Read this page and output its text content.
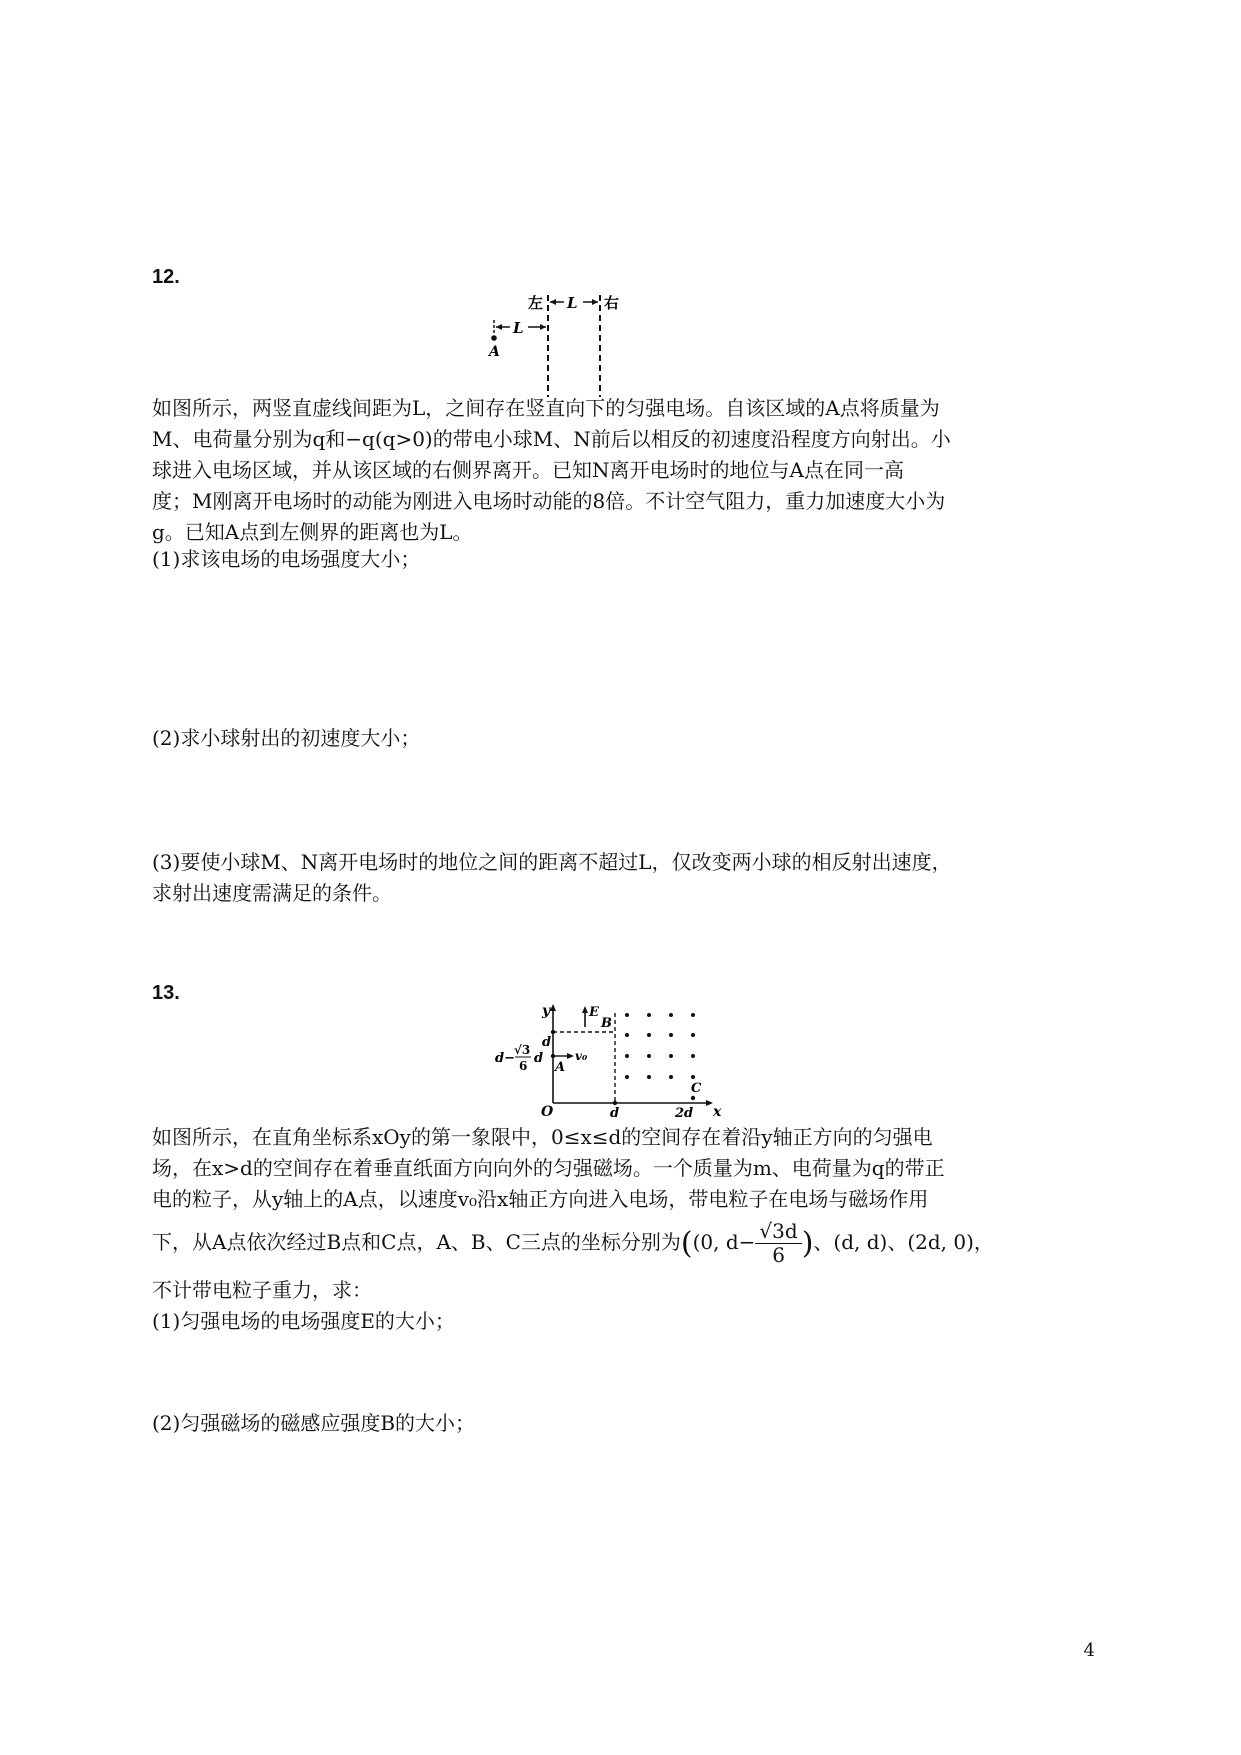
12.
左 L 右
L
A
如图所示，两竖直虚线间距为L，之间存在竖直向下的匀强电场。自该区域的A点将质量为
M、电荷量分别为q和−q(q>0)的带电小球M、N前后以相反的初速度沿程度方向射出。小
球进入电场区域，并从该区域的右侧界离开。已知N离开电场时的地位与A点在同一高
度；M刚离开电场时的动能为刚进入电场时动能的8倍。不计空气阻力，重力加速度大小为
g。已知A点到左侧界的距离也为L。
(1)求该电场的电场强度大小；
(2)求小球射出的初速度大小；
(3)要使小球M、N离开电场时的地位之间的距离不超过L，仅改变两小球的相反射出速度，
求射出速度需满足的条件。
13.
y
x
O
E
B
d
v₀
A
d−
√3
6 d
d	2d
C
如图所示，在直角坐标系xOy的第一象限中，0≤x≤d的空间存在着沿y轴正方向的匀强电
场，在x>d的空间存在着垂直纸面方向向外的匀强磁场。一个质量为m、电荷量为q的带正
电的粒子，从y轴上的A点，以速度v₀沿x轴正方向进入电场，带电粒子在电场与磁场作用
下，从A点依次经过B点和C点，A、B、C三点的坐标分别为((0, $d- \frac{√3d}{6}$ )、(d, d)、(2d, 0)，
不计带电粒子重力，求：
(1)匀强电场的电场强度E的大小；
(2)匀强磁场的磁感应强度B的大小；
4
